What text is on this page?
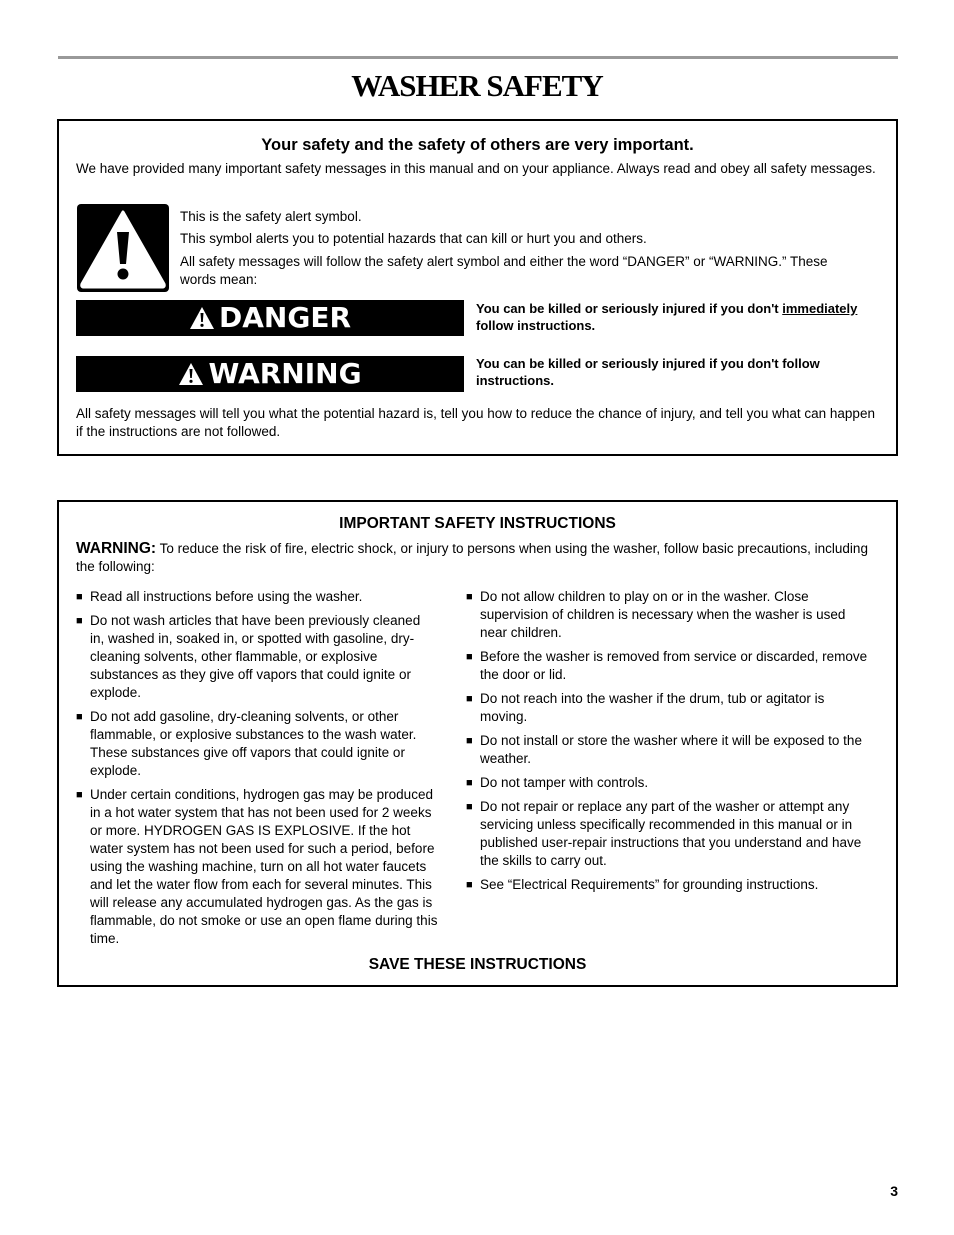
WASHER SAFETY
Your safety and the safety of others are very important.
We have provided many important safety messages in this manual and on your appliance. Always read and obey all safety messages.
This is the safety alert symbol.
This symbol alerts you to potential hazards that can kill or hurt you and others.
All safety messages will follow the safety alert symbol and either the word “DANGER” or “WARNING.” These words mean:
DANGER	You can be killed or seriously injured if you don't immediately follow instructions.
WARNING	You can be killed or seriously injured if you don't follow instructions.
All safety messages will tell you what the potential hazard is, tell you how to reduce the chance of injury, and tell you what can happen if the instructions are not followed.
IMPORTANT SAFETY INSTRUCTIONS
WARNING: To reduce the risk of fire, electric shock, or injury to persons when using the washer, follow basic precautions, including the following:
■ Read all instructions before using the washer.
■ Do not wash articles that have been previously cleaned in, washed in, soaked in, or spotted with gasoline, dry-cleaning solvents, other flammable, or explosive substances as they give off vapors that could ignite or explode.
■ Do not add gasoline, dry-cleaning solvents, or other flammable, or explosive substances to the wash water. These substances give off vapors that could ignite or explode.
■ Under certain conditions, hydrogen gas may be produced in a hot water system that has not been used for 2 weeks or more. HYDROGEN GAS IS EXPLOSIVE. If the hot water system has not been used for such a period, before using the washing machine, turn on all hot water faucets and let the water flow from each for several minutes. This will release any accumulated hydrogen gas. As the gas is flammable, do not smoke or use an open flame during this time.
■ Do not allow children to play on or in the washer. Close supervision of children is necessary when the washer is used near children.
■ Before the washer is removed from service or discarded, remove the door or lid.
■ Do not reach into the washer if the drum, tub or agitator is moving.
■ Do not install or store the washer where it will be exposed to the weather.
■ Do not tamper with controls.
■ Do not repair or replace any part of the washer or attempt any servicing unless specifically recommended in this manual or in published user-repair instructions that you understand and have the skills to carry out.
■ See “Electrical Requirements” for grounding instructions.
SAVE THESE INSTRUCTIONS
3
